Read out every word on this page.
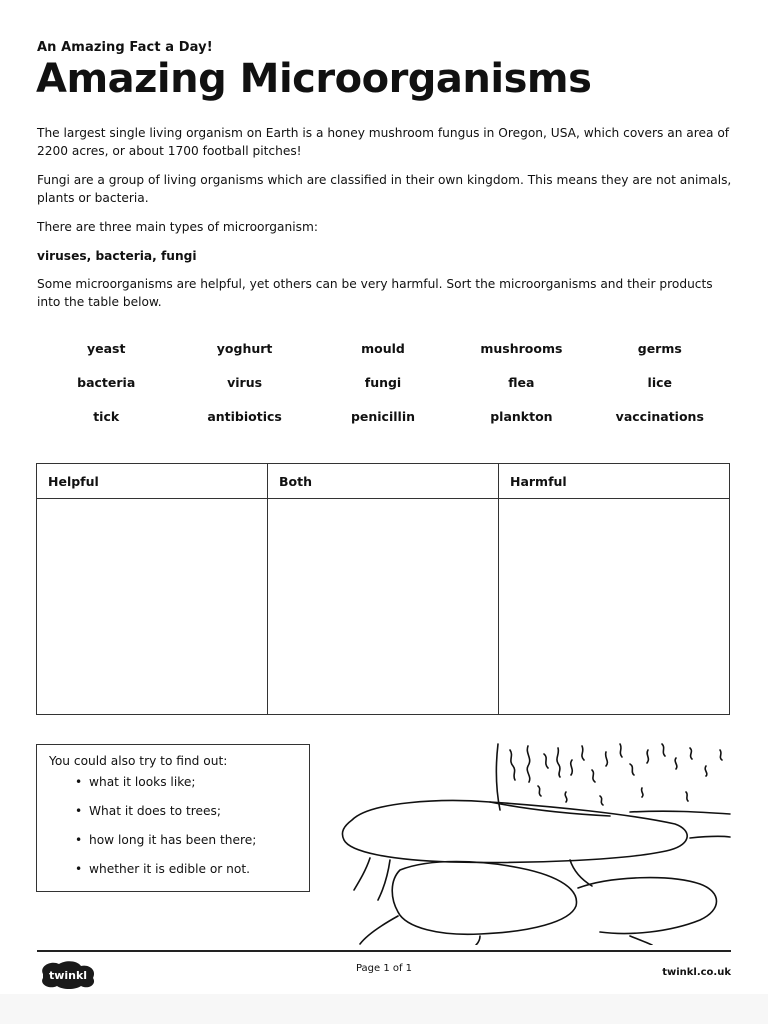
An Amazing Fact a Day!
Amazing Microorganisms
The largest single living organism on Earth is a honey mushroom fungus in Oregon, USA, which covers an area of 2200 acres, or about 1700 football pitches!
Fungi are a group of living organisms which are classified in their own kingdom. This means they are not animals, plants or bacteria.
There are three main types of microorganism:
viruses, bacteria, fungi
Some microorganisms are helpful, yet others can be very harmful. Sort the microorganisms and their products into the table below.
yeast	yoghurt	mould	mushrooms	germs
bacteria	virus	fungi	flea	lice
tick	antibiotics	penicillin	plankton	vaccinations
Helpful	Both	Harmful
You could also try to find out:
• what it looks like;
• What it does to trees;
• how long it has been there;
• whether it is edible or not.
twinkl
Page 1 of 1	twinkl.co.uk
